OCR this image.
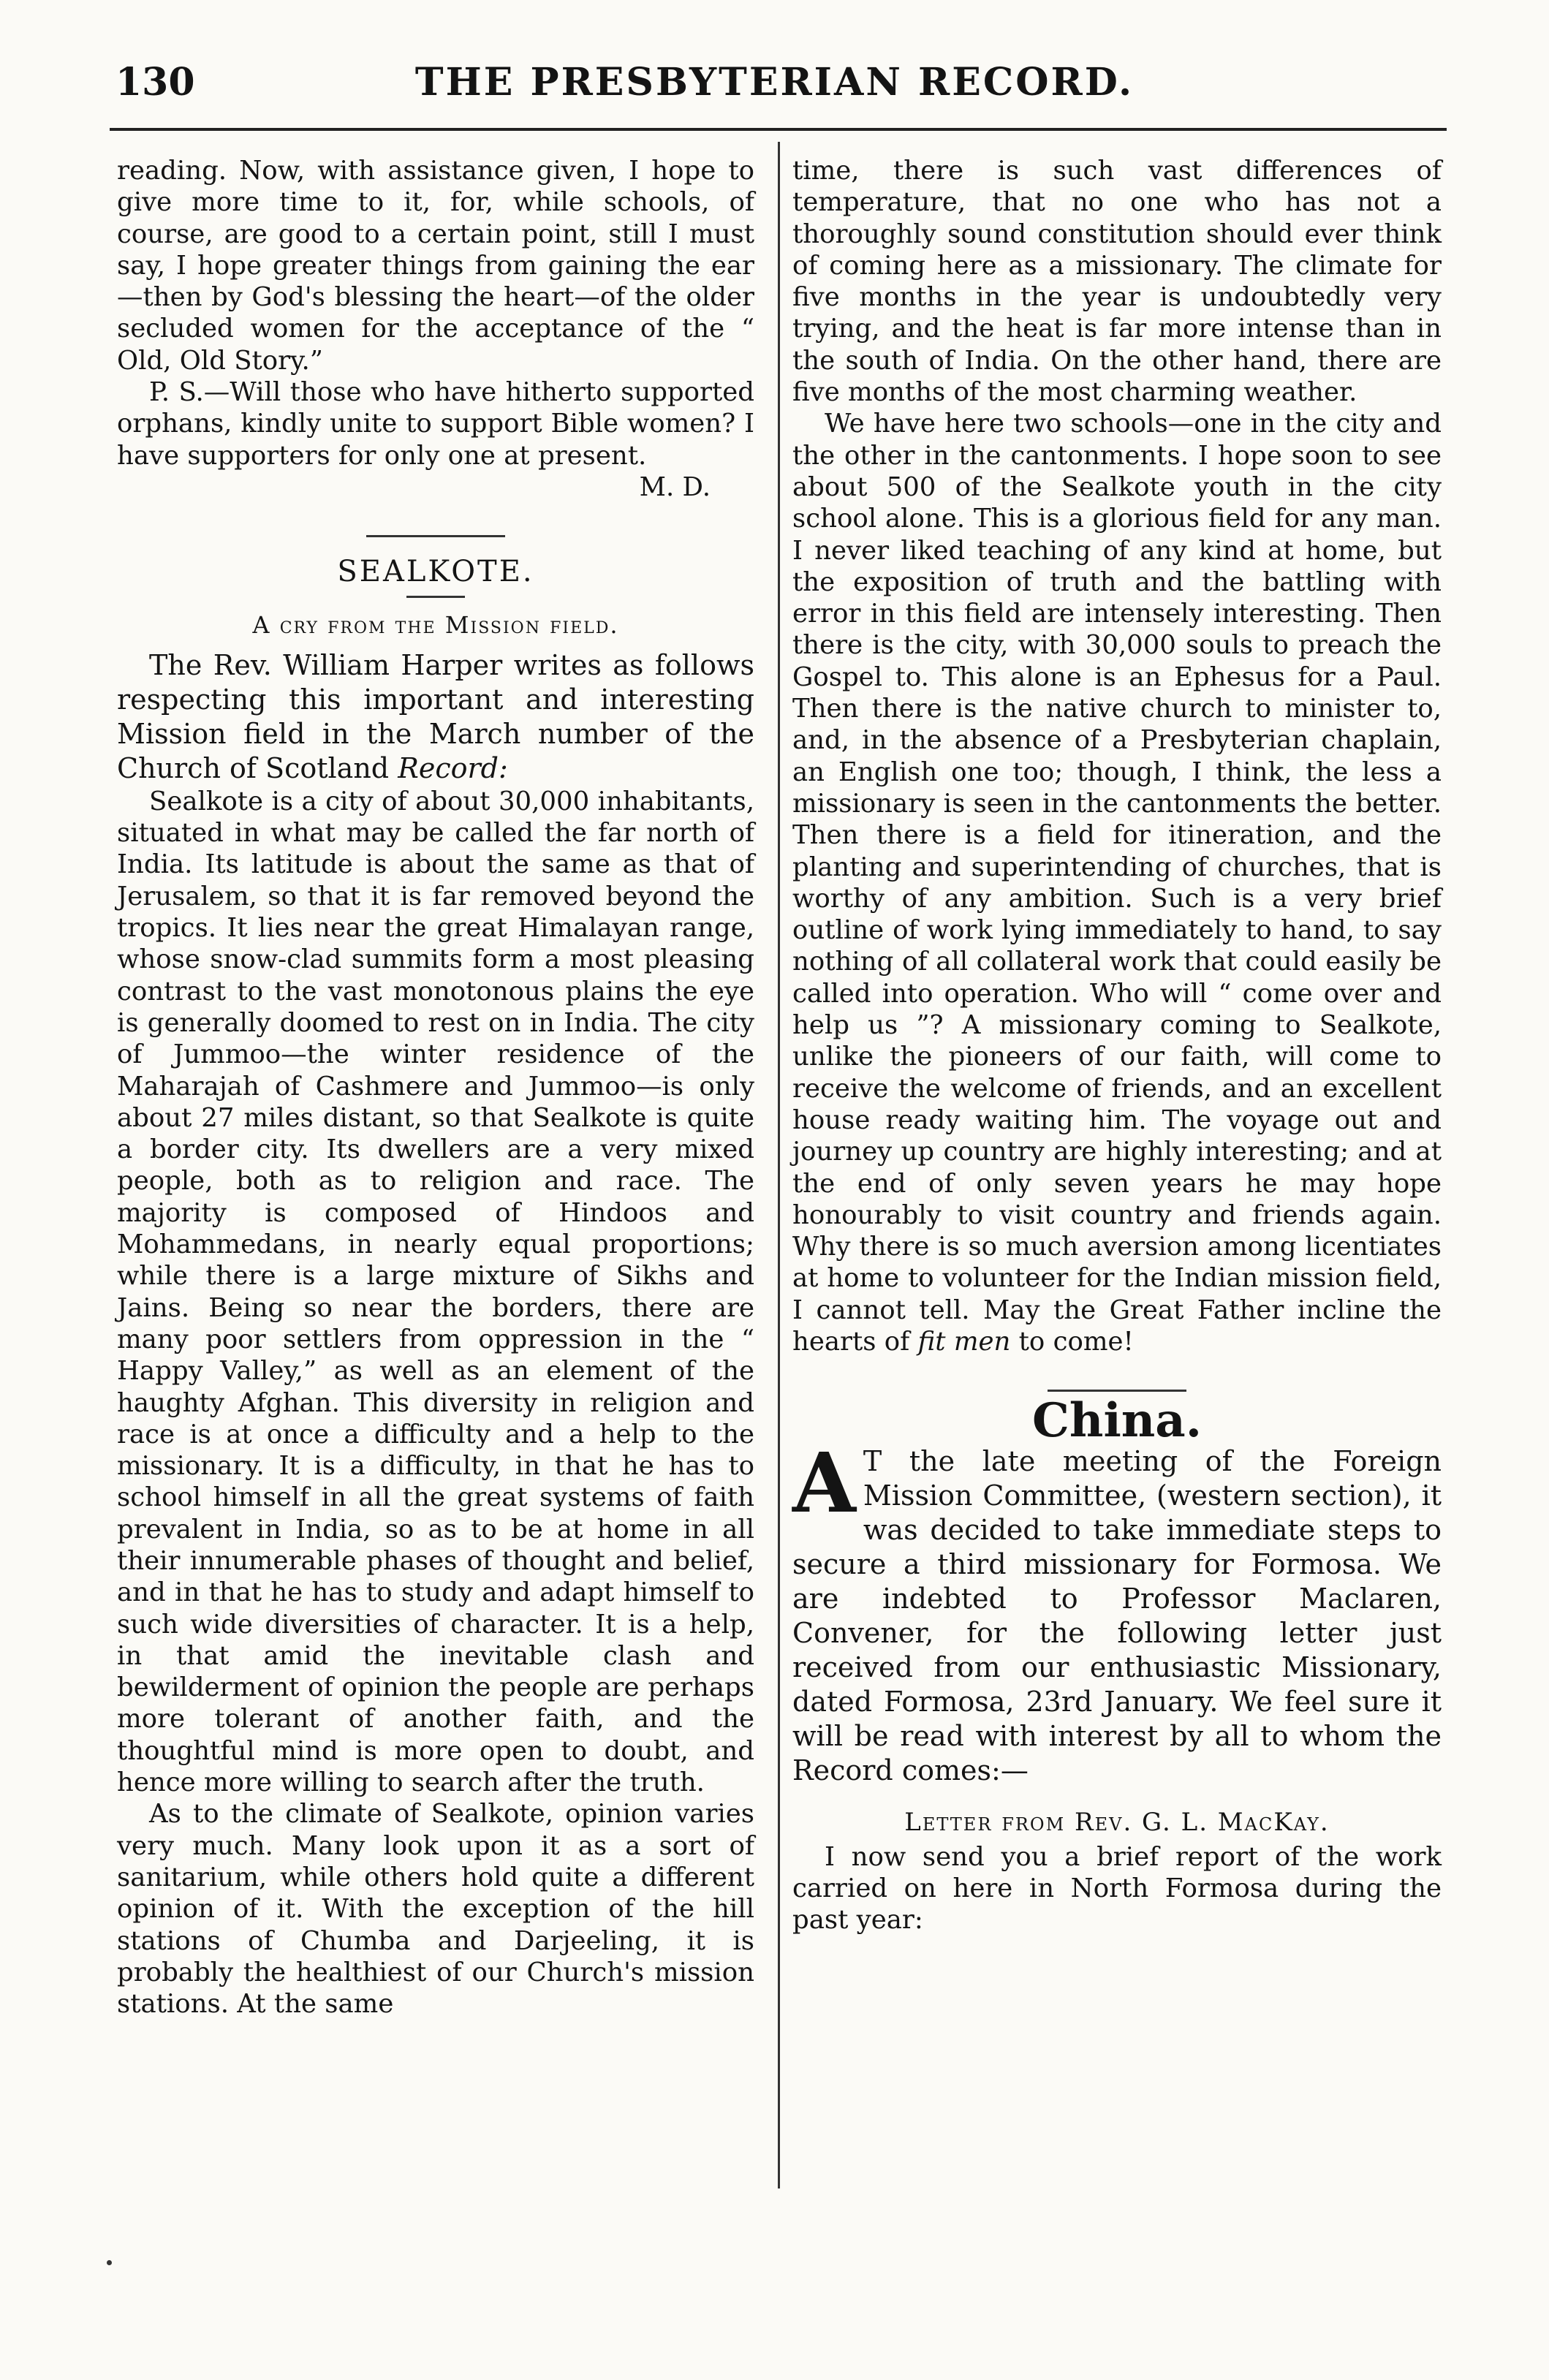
130	THE PRESBYTERIAN RECORD.

reading. Now, with assistance given, I hope to give more time to it, for, while schools, of course, are good to a certain point, still I must say, I hope greater things from gaining the ear—then by God's blessing the heart—of the older secluded women for the acceptance of the “ Old, Old Story.”

P. S.—Will those who have hitherto supported orphans, kindly unite to support Bible women? I have supporters for only one at present.

M. D.
SEALKOTE.
A cry from the Mission field.

The Rev. William Harper writes as follows respecting this important and interesting Mission field in the March number of the Church of Scotland Record:

Sealkote is a city of about 30,000 inhabitants, situated in what may be called the far north of India. Its latitude is about the same as that of Jerusalem, so that it is far removed beyond the tropics. It lies near the great Himalayan range, whose snow-clad summits form a most pleasing contrast to the vast monotonous plains the eye is generally doomed to rest on in India. The city of Jummoo—the winter residence of the Maharajah of Cashmere and Jummoo—is only about 27 miles distant, so that Sealkote is quite a border city. Its dwellers are a very mixed people, both as to religion and race. The majority is composed of Hindoos and Mohammedans, in nearly equal proportions; while there is a large mixture of Sikhs and Jains. Being so near the borders, there are many poor settlers from oppression in the “ Happy Valley,” as well as an element of the haughty Afghan. This diversity in religion and race is at once a difficulty and a help to the missionary. It is a difficulty, in that he has to school himself in all the great systems of faith prevalent in India, so as to be at home in all their innumerable phases of thought and belief, and in that he has to study and adapt himself to such wide diversities of character. It is a help, in that amid the inevitable clash and bewilderment of opinion the people are perhaps more tolerant of another faith, and the thoughtful mind is more open to doubt, and hence more willing to search after the truth.

As to the climate of Sealkote, opinion varies very much. Many look upon it as a sort of sanitarium, while others hold quite a different opinion of it. With the exception of the hill stations of Chumba and Darjeeling, it is probably the healthiest of our Church's mission stations. At the same

time, there is such vast differences of temperature, that no one who has not a thoroughly sound constitution should ever think of coming here as a missionary. The climate for five months in the year is undoubtedly very trying, and the heat is far more intense than in the south of India. On the other hand, there are five months of the most charming weather.

We have here two schools—one in the city and the other in the cantonments. I hope soon to see about 500 of the Sealkote youth in the city school alone. This is a glorious field for any man. I never liked teaching of any kind at home, but the exposition of truth and the battling with error in this field are intensely interesting. Then there is the city, with 30,000 souls to preach the Gospel to. This alone is an Ephesus for a Paul. Then there is the native church to minister to, and, in the absence of a Presbyterian chaplain, an English one too; though, I think, the less a missionary is seen in the cantonments the better. Then there is a field for itineration, and the planting and superintending of churches, that is worthy of any ambition. Such is a very brief outline of work lying immediately to hand, to say nothing of all collateral work that could easily be called into operation. Who will “ come over and help us ”? A missionary coming to Sealkote, unlike the pioneers of our faith, will come to receive the welcome of friends, and an excellent house ready waiting him. The voyage out and journey up country are highly interesting; and at the end of only seven years he may hope honourably to visit country and friends again. Why there is so much aversion among licentiates at home to volunteer for the Indian mission field, I cannot tell. May the Great Father incline the hearts of fit men to come!

China.

A T the late meeting of the Foreign Mission Committee, (western section), it was decided to take immediate steps to secure a third missionary for Formosa. We are indebted to Professor Maclaren, Convener, for the following letter just received from our enthusiastic Missionary, dated Formosa, 23rd January. We feel sure it will be read with interest by all to whom the Record comes:—

Letter from Rev. G. L. MacKay.

I now send you a brief report of the work carried on here in North Formosa during the past year:
